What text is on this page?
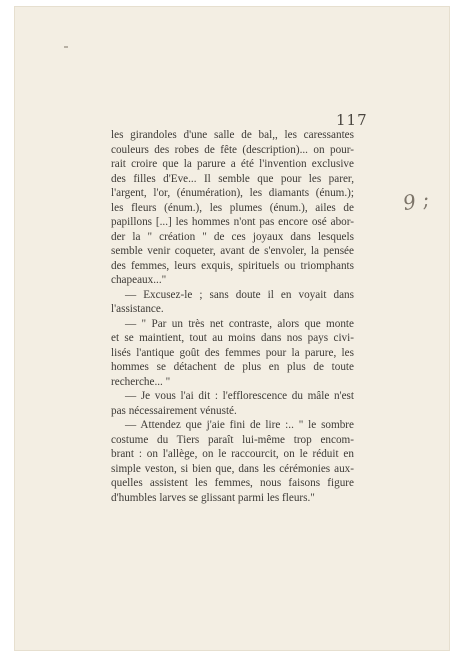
117
9 ;
les girandoles d'une salle de bal,, les caressantes
couleurs des robes de fête (description)... on pour-
rait croire que la parure a été l'invention exclusive
des filles d'Eve... Il semble que pour les parer,
l'argent, l'or, (énumération), les diamants (énum.);
les fleurs (énum.), les plumes (énum.), ailes de
papillons [...] les hommes n'ont pas encore osé abor-
der la " création " de ces joyaux dans lesquels
semble venir coqueter, avant de s'envoler, la pensée
des femmes, leurs exquis, spirituels ou triomphants
chapeaux..."
— Excusez-le ; sans doute il en voyait dans
l'assistance.
— " Par un très net contraste, alors que monte
et se maintient, tout au moins dans nos pays civi-
lisés l'antique goût des femmes pour la parure, les
hommes se détachent de plus en plus de toute
recherche... "
— Je vous l'ai dit : l'efflorescence du mâle n'est
pas nécessairement vénusté.
— Attendez que j'aie fini de lire :.. " le sombre
costume du Tiers paraît lui-même trop encom-
brant : on l'allège, on le raccourcit, on le réduit en
simple veston, si bien que, dans les cérémonies aux-
quelles assistent les femmes, nous faisons figure
d'humbles larves se glissant parmi les fleurs."
